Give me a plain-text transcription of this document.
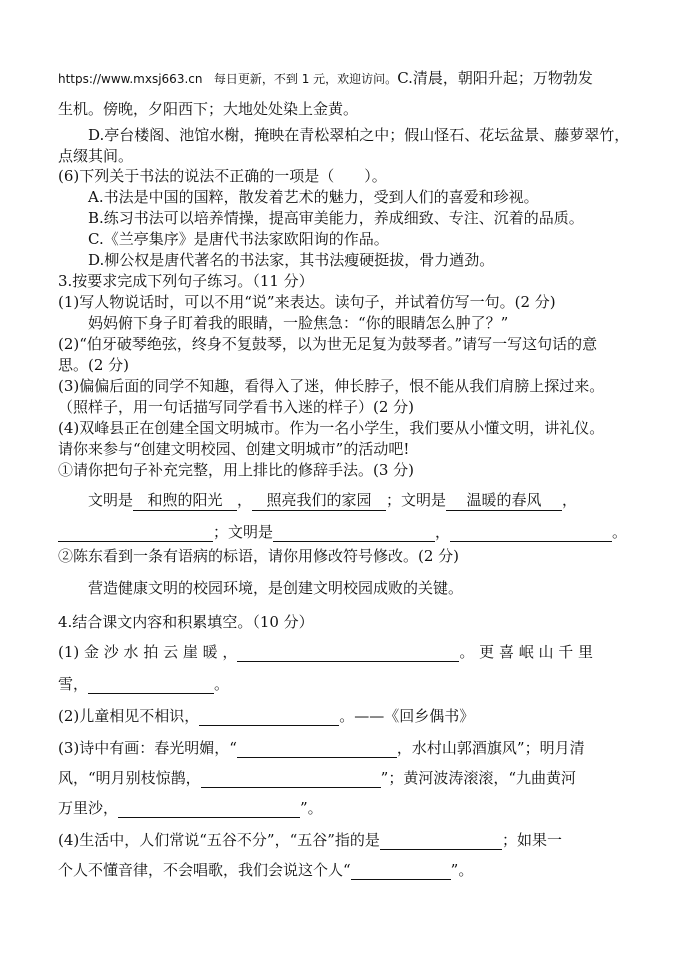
https://www.mxsj663.cn 每日更新，不到 1 元，欢迎访问。C.清晨，朝阳升起；万物勃发
生机。傍晚，夕阳西下；大地处处染上金黄。
D.亭台楼阁、池馆水榭，掩映在青松翠柏之中；假山怪石、花坛盆景、藤萝翠竹，
点缀其间。
(6)下列关于书法的说法不正确的一项是（　　）。
A.书法是中国的国粹，散发着艺术的魅力，受到人们的喜爱和珍视。
B.练习书法可以培养情操，提高审美能力，养成细致、专注、沉着的品质。
C.《兰亭集序》是唐代书法家欧阳询的作品。
D.柳公权是唐代著名的书法家，其书法瘦硬挺拔，骨力遒劲。
3.按要求完成下列句子练习。（11 分）
(1)写人物说话时，可以不用“说”来表达。读句子，并试着仿写一句。(2 分)
妈妈俯下身子盯着我的眼睛，一脸焦急：“你的眼睛怎么肿了？”
(2)“伯牙破琴绝弦，终身不复鼓琴，以为世无足复为鼓琴者。”请写一写这句话的意
思。(2 分)
(3)偏偏后面的同学不知趣，看得入了迷，伸长脖子，恨不能从我们肩膀上探过来。
（照样子，用一句话描写同学看书入迷的样子）(2 分)
(4)双峰县正在创建全国文明城市。作为一名小学生，我们要从小懂文明，讲礼仪。
请你来参与“创建文明校园、创建文明城市”的活动吧!
①请你把句子补充完整，用上排比的修辞手法。(3 分)
文明是 和煦的阳光 ， 照亮我们的家园 ；文明是 温暖的春风 ，
；文明是	，	。
②陈东看到一条有语病的标语，请你用修改符号修改。(2 分)
营造健康文明的校园环境，是创建文明校园成败的关键。
4.结合课文内容和积累填空。（10 分）
(1) 金 沙 水 拍 云 崖 暖 ，	。 更 喜 岷 山 千 里
雪，	。
(2)儿童相见不相识，	。——《回乡偶书》
(3)诗中有画：春光明媚，“	，水村山郭酒旗风”；明月清
风，“明月别枝惊鹊，	”；黄河波涛滚滚，“九曲黄河
万里沙，	”。
(4)生活中，人们常说“五谷不分”，“五谷”指的是	；如果一
个人不懂音律，不会唱歌，我们会说这个人“	”。
